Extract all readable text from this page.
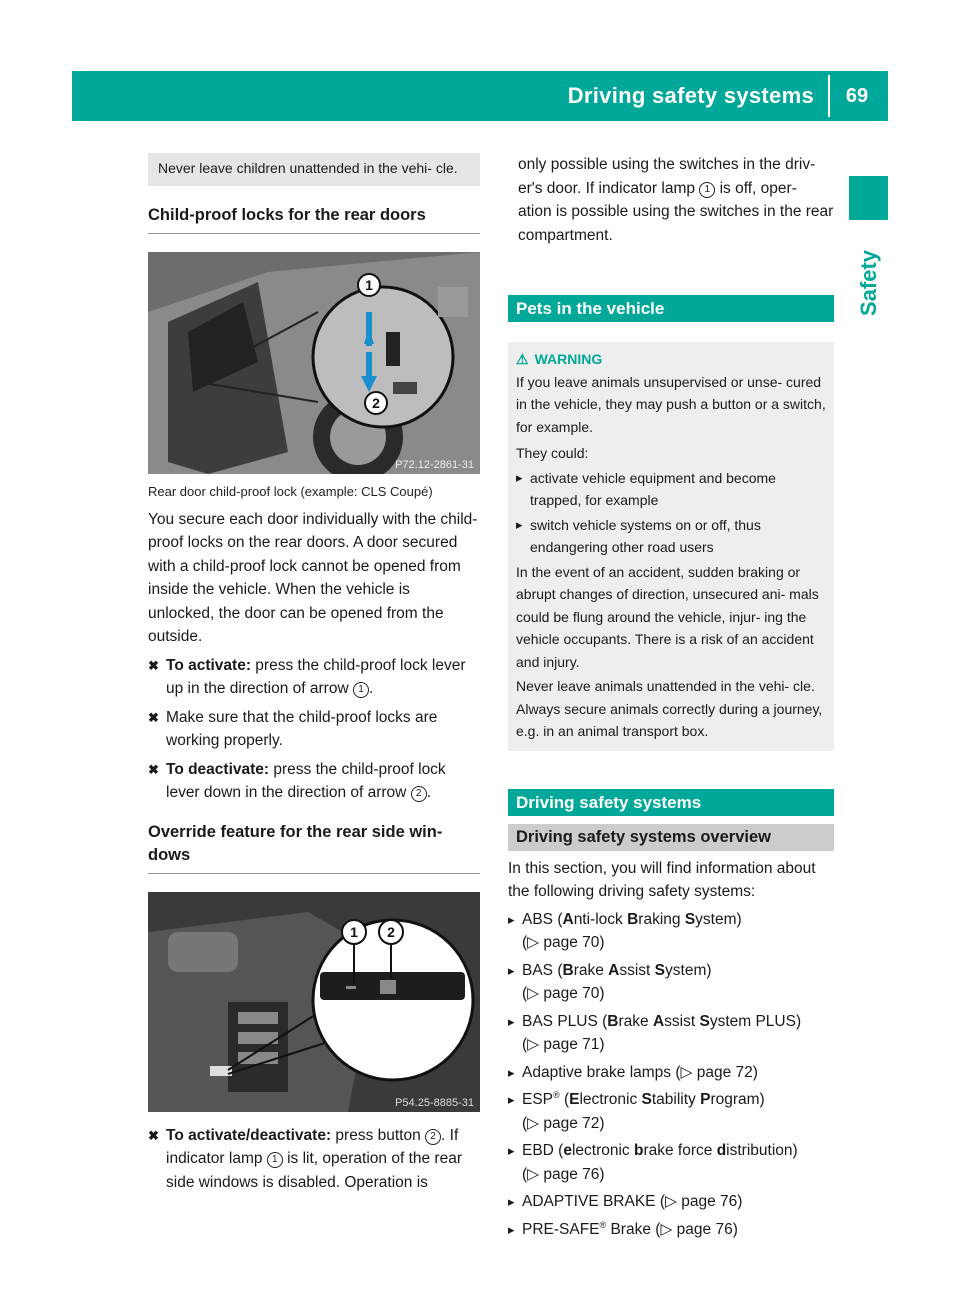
Driving safety systems	69
Safety
Never leave children unattended in the vehi- cle.
Child-proof locks for the rear doors
1
2
P72.12-2861-31
Rear door child-proof lock (example: CLS Coupé)

You secure each door individually with the child-proof locks on the rear doors. A door secured with a child-proof lock cannot be opened from inside the vehicle. When the vehicle is unlocked, the door can be opened from the outside.

✖ To activate: press the child-proof lock lever up in the direction of arrow 1 .
✖ Make sure that the child-proof locks are working properly.
✖ To deactivate: press the child-proof lock lever down in the direction of arrow 2 .
Override feature for the rear side win- dows
1 2
P54.25-8885-31
✖ To activate/deactivate: press button 2 . If indicator lamp 1 is lit, operation of the rear side windows is disabled. Operation is
only possible using the switches in the driv- er's door. If indicator lamp 1 is off, oper- ation is possible using the switches in the rear compartment.
Pets in the vehicle
⚠ WARNING
If you leave animals unsupervised or unse- cured in the vehicle, they may push a button or a switch, for example.
They could:
▸ activate vehicle equipment and become trapped, for example
▸ switch vehicle systems on or off, thus endangering other road users
In the event of an accident, sudden braking or abrupt changes of direction, unsecured ani- mals could be flung around the vehicle, injur- ing the vehicle occupants. There is a risk of an accident and injury.
Never leave animals unattended in the vehi- cle. Always secure animals correctly during a journey, e.g. in an animal transport box.
Driving safety systems
Driving safety systems overview

In this section, you will find information about the following driving safety systems:

▸ ABS (Anti-lock Braking System)
(▷ page 70)
▸ BAS (Brake Assist System)
(▷ page 70)
▸ BAS PLUS (Brake Assist System PLUS)
(▷ page 71)
▸ Adaptive brake lamps (▷ page 72)
▸ ESP® (Electronic Stability Program)
(▷ page 72)
▸ EBD (electronic brake force distribution)
(▷ page 76)
▸ ADAPTIVE BRAKE (▷ page 76)
▸ PRE-SAFE® Brake (▷ page 76)
